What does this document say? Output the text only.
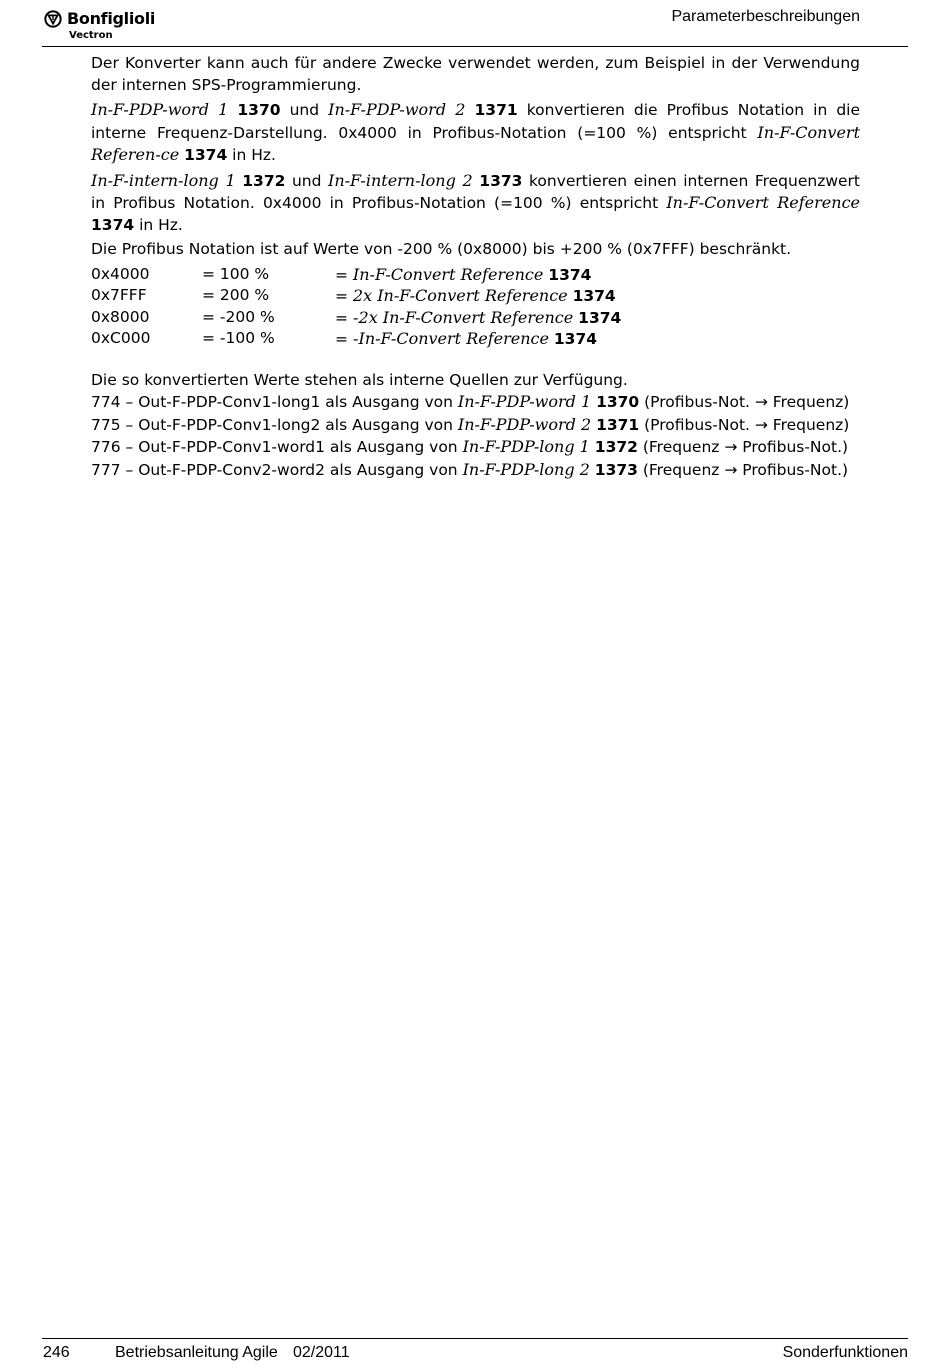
Bonfiglioli
Vectron
Parameterbeschreibungen

Der Konverter kann auch für andere Zwecke verwendet werden, zum Beispiel in der Verwendung der internen SPS-Programmierung.

In-F-PDP-word 1 1370 und In-F-PDP-word 2 1371 konvertieren die Profibus Notation in die interne Frequenz-Darstellung. 0x4000 in Profibus-Notation (=100 %) entspricht In-F-Convert Referen-ce 1374 in Hz.

In-F-intern-long 1 1372 und In-F-intern-long 2 1373 konvertieren einen internen Frequenzwert in Profibus Notation. 0x4000 in Profibus-Notation (=100 %) entspricht In-F-Convert Reference 1374 in Hz.

Die Profibus Notation ist auf Werte von -200 % (0x8000) bis +200 % (0x7FFF) beschränkt.

0x4000	= 100 %	= In-F-Convert Reference 1374
0x7FFF	= 200 %	= 2x In-F-Convert Reference 1374
0x8000	= -200 %	= -2x In-F-Convert Reference 1374
0xC000	= -100 %	= -In-F-Convert Reference 1374
Die so konvertierten Werte stehen als interne Quellen zur Verfügung.
774 – Out-F-PDP-Conv1-long1 als Ausgang von In-F-PDP-word 1 1370 (Profibus-Not. → Frequenz)
775 – Out-F-PDP-Conv1-long2 als Ausgang von In-F-PDP-word 2 1371 (Profibus-Not. → Frequenz)
776 – Out-F-PDP-Conv1-word1 als Ausgang von In-F-PDP-long 1 1372 (Frequenz → Profibus-Not.)
777 – Out-F-PDP-Conv2-word2 als Ausgang von In-F-PDP-long 2 1373 (Frequenz → Profibus-Not.)
246	Betriebsanleitung Agile 02/2011	Sonderfunktionen
